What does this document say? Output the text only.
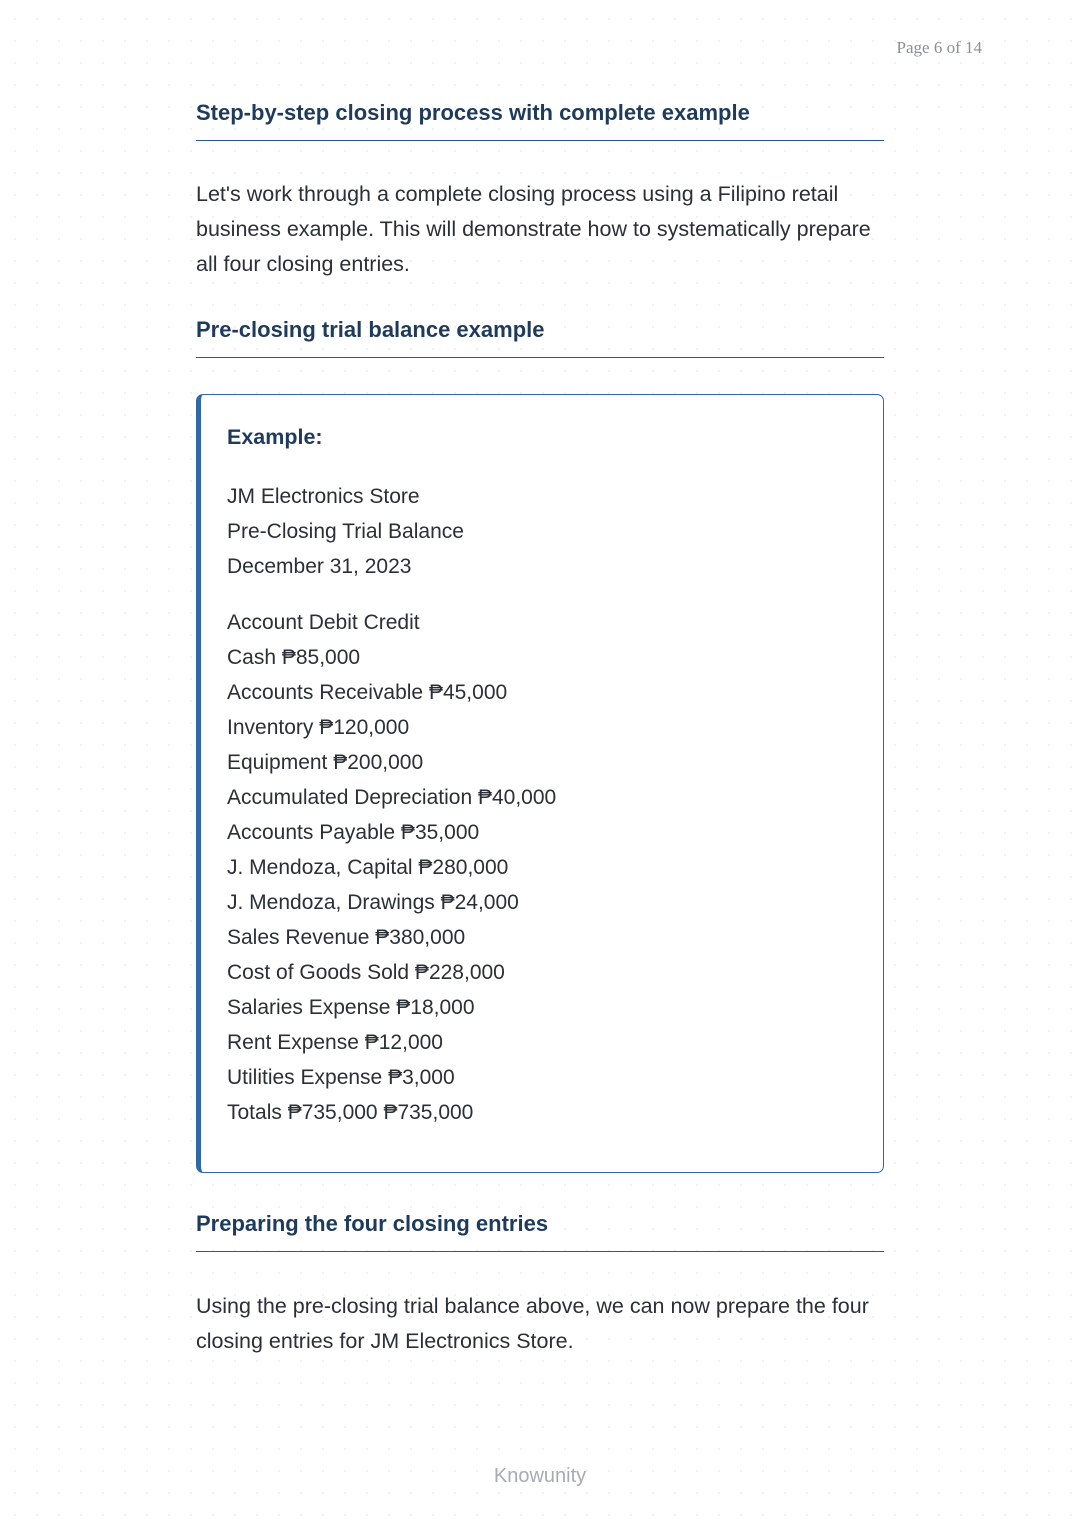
Page 6 of 14
Step-by-step closing process with complete example

Let's work through a complete closing process using a Filipino retail business example. This will demonstrate how to systematically prepare all four closing entries.

Pre-closing trial balance example
Example:
JM Electronics Store
Pre-Closing Trial Balance
December 31, 2023
Account Debit Credit
Cash ₱85,000
Accounts Receivable ₱45,000
Inventory ₱120,000
Equipment ₱200,000
Accumulated Depreciation ₱40,000
Accounts Payable ₱35,000
J. Mendoza, Capital ₱280,000
J. Mendoza, Drawings ₱24,000
Sales Revenue ₱380,000
Cost of Goods Sold ₱228,000
Salaries Expense ₱18,000
Rent Expense ₱12,000
Utilities Expense ₱3,000
Totals ₱735,000 ₱735,000
Preparing the four closing entries

Using the pre-closing trial balance above, we can now prepare the four closing entries for JM Electronics Store.

Knowunity
